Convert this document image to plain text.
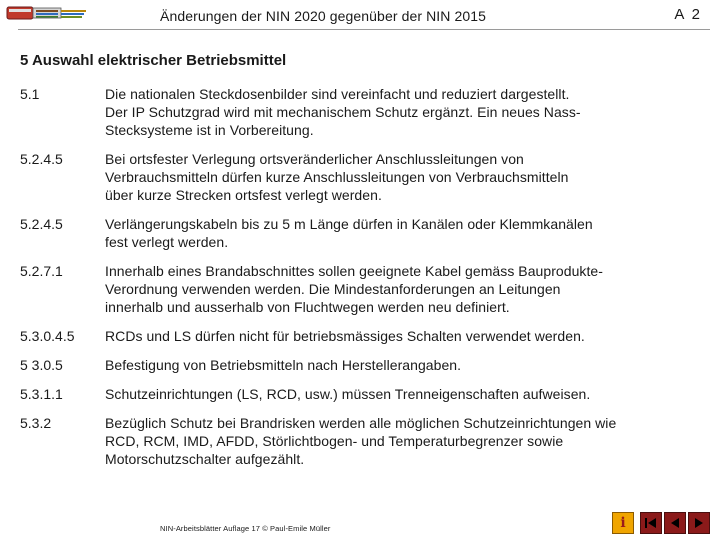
Änderungen der NIN 2020 gegenüber der NIN 2015	A 2
5 Auswahl elektrischer Betriebsmittel
5.1	Die nationalen Steckdosenbilder sind vereinfacht und reduziert dargestellt.
Der IP Schutzgrad wird mit mechanischem Schutz ergänzt. Ein neues Nass-
Stecksysteme ist in Vorbereitung.
5.2.4.5	Bei ortsfester Verlegung ortsveränderlicher Anschlussleitungen von
Verbrauchsmitteln dürfen kurze Anschlussleitungen von Verbrauchsmitteln
über kurze Strecken ortsfest verlegt werden.
5.2.4.5	Verlängerungskabeln bis zu 5 m Länge dürfen in Kanälen oder Klemmkanälen
fest verlegt werden.
5.2.7.1	Innerhalb eines Brandabschnittes sollen geeignete Kabel gemäss Bauprodukte-
Verordnung verwenden werden. Die Mindestanforderungen an Leitungen
innerhalb und ausserhalb von Fluchtwegen werden neu definiert.
5.3.0.4.5	RCDs und LS dürfen nicht für betriebsmässiges Schalten verwendet werden.
5 3.0.5	Befestigung von Betriebsmitteln nach Herstellerangaben.
5.3.1.1	Schutzeinrichtungen (LS, RCD, usw.) müssen Trenneigenschaften aufweisen.
5.3.2	Bezüglich Schutz bei Brandrisken werden alle möglichen Schutzeinrichtungen wie
RCD, RCM, IMD, AFDD, Störlichtbogen- und Temperaturbegrenzer sowie
Motorschutzschalter aufgezählt.
NIN-Arbeitsblätter Auflage 17 © Paul-Emile Müller	i
